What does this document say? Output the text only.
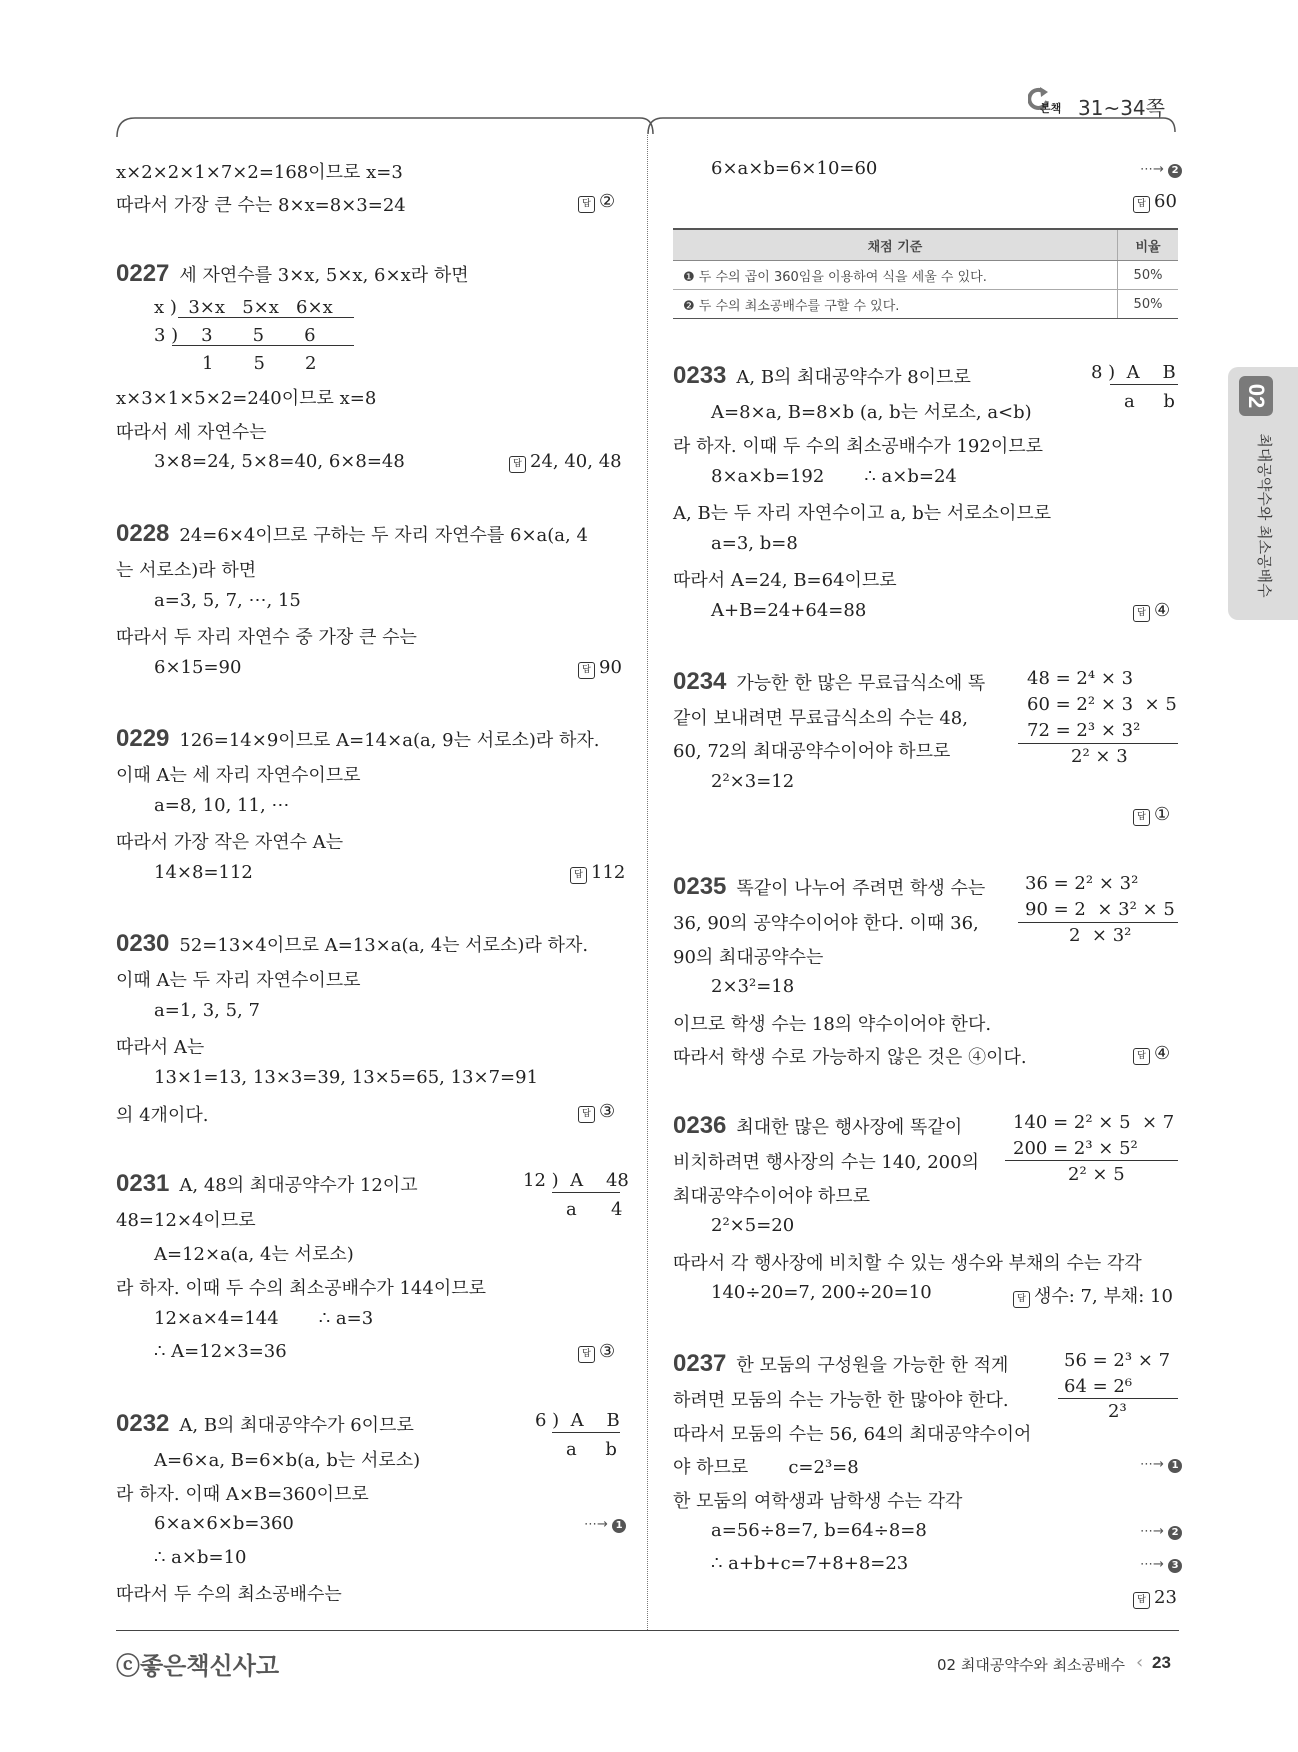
본책 31~34쪽
02
최대공약수와 최소공배수
x×2×2×1×7×2=168이므로 x=3
따라서 가장 큰 수는 8×x=8×3=24	답 ②
0227 세 자연수를 3×x, 5×x, 6×x라 하면
x )  3×x   5×x   6×x
3 )    3       5       6
1       5       2
x×3×1×5×2=240이므로 x=8
따라서 세 자연수는
3×8=24, 5×8=40, 6×8=48	답 24, 40, 48
0228 24=6×4이므로 구하는 두 자리 자연수를 6×a(a, 4
는 서로소)라 하면
a=3, 5, 7, ⋯, 15
따라서 두 자리 자연수 중 가장 큰 수는
6×15=90	답 90
0229 126=14×9이므로 A=14×a(a, 9는 서로소)라 하자.
이때 A는 세 자리 자연수이므로
a=8, 10, 11, ⋯
따라서 가장 작은 자연수 A는
14×8=112	답 112
0230 52=13×4이므로 A=13×a(a, 4는 서로소)라 하자.
이때 A는 두 자리 자연수이므로
a=1, 3, 5, 7
따라서 A는
13×1=13, 13×3=39, 13×5=65, 13×7=91
의 4개이다.	답 ③
0231 A, 48의 최대공약수가 12이고	12 )  A    48
a      4
48=12×4이므로
A=12×a(a, 4는 서로소)
라 하자. 이때 두 수의 최소공배수가 144이므로
12×a×4=144       ∴ a=3
∴ A=12×3=36	답 ③
0232 A, B의 최대공약수가 6이므로	6 )  A    B
a     b
A=6×a, B=6×b(a, b는 서로소)
라 하자. 이때 A×B=360이므로
6×a×6×b=360	⋯→ 1
∴ a×b=10
따라서 두 수의 최소공배수는
6×a×b=6×10=60	⋯→ 2
답 60
채점 기준	비율
❶ 두 수의 곱이 360임을 이용하여 식을 세울 수 있다.	50%
❷ 두 수의 최소공배수를 구할 수 있다.	50%
0233 A, B의 최대공약수가 8이므로	8 )  A    B
a     b
A=8×a, B=8×b (a, b는 서로소, a<b)
라 하자. 이때 두 수의 최소공배수가 192이므로
8×a×b=192       ∴ a×b=24
A, B는 두 자리 자연수이고 a, b는 서로소이므로
a=3, b=8
따라서 A=24, B=64이므로
A+B=24+64=88	답 ④
0234 가능한 한 많은 무료급식소에 똑 48 = 2⁴ × 3
60 = 2² × 3  × 5
72 = 2³ × 3²
2² × 3
같이 보내려면 무료급식소의 수는 48,
60, 72의 최대공약수이어야 하므로
2²×3=12
답 ①
0235 똑같이 나누어 주려면 학생 수는 36 = 2² × 3²
90 = 2  × 3² × 5
2  × 3²
36, 90의 공약수이어야 한다. 이때 36,
90의 최대공약수는
2×3²=18
이므로 학생 수는 18의 약수이어야 한다.
따라서 학생 수로 가능하지 않은 것은 ④이다.	답 ④
0236 최대한 많은 행사장에 똑같이	140 = 2² × 5  × 7
200 = 2³ × 5²
2² × 5
비치하려면 행사장의 수는 140, 200의
최대공약수이어야 하므로
2²×5=20
따라서 각 행사장에 비치할 수 있는 생수와 부채의 수는 각각
140÷20=7, 200÷20=10	답 생수: 7, 부채: 10
0237 한 모둠의 구성원을 가능한 한 적게	56 = 2³ × 7
64 = 2⁶
2³
하려면 모둠의 수는 가능한 한 많아야 한다.
따라서 모둠의 수는 56, 64의 최대공약수이어
야 하므로       c=2³=8	⋯→ 1
한 모둠의 여학생과 남학생 수는 각각
a=56÷8=7, b=64÷8=8	⋯→ 2
∴ a+b+c=7+8+8=23	⋯→ 3
답 23
ⓒ좋은책신사고	02 최대공약수와 최소공배수 ‹ 23
